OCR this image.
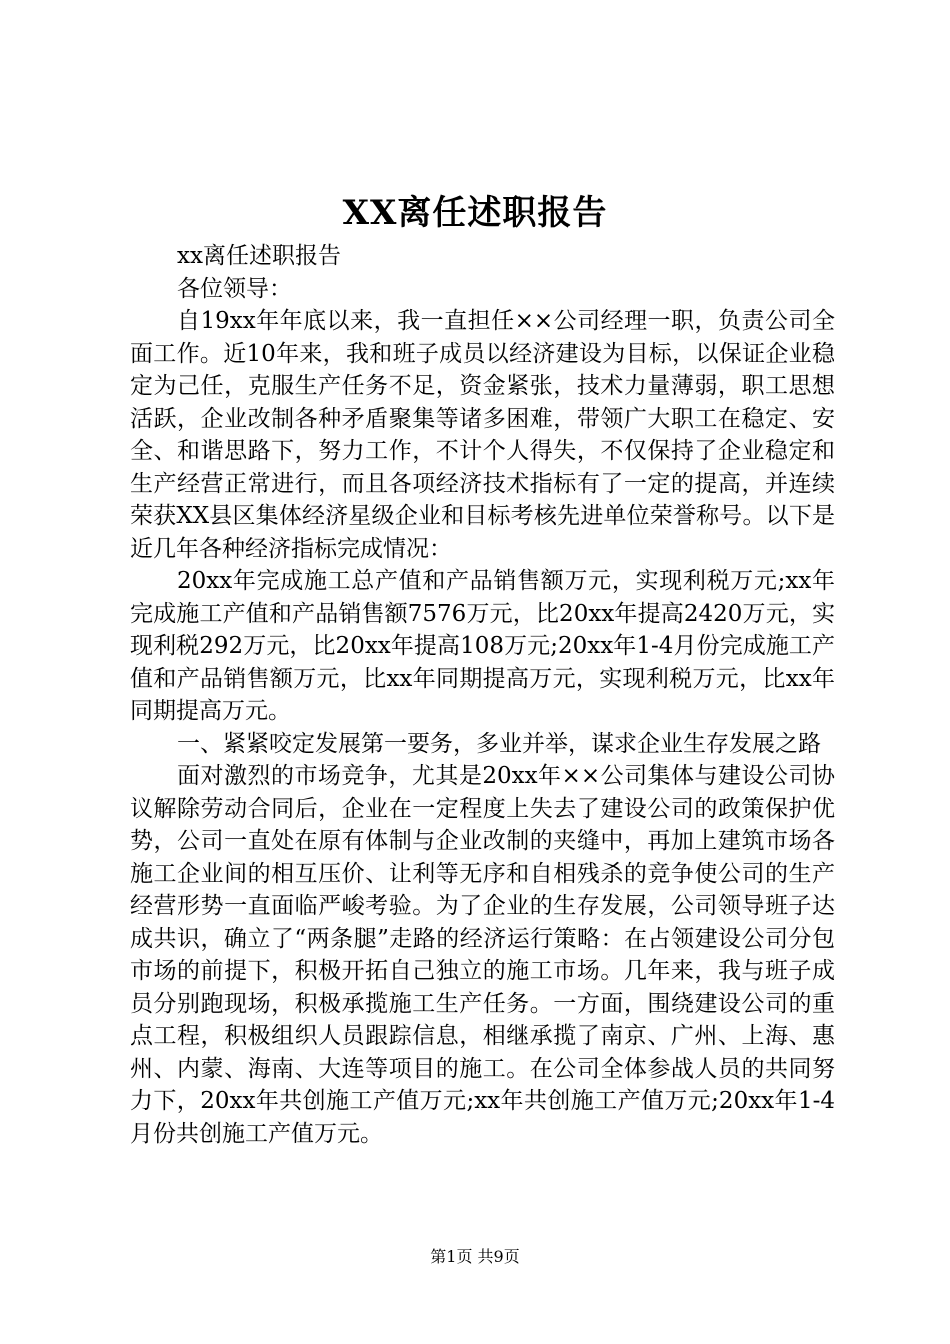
XX离任述职报告

xx离任述职报告

各位领导：

自19xx年年底以来，我一直担任××公司经理一职，负责公司全面工作。近10年来，我和班子成员以经济建设为目标，以保证企业稳定为己任，克服生产任务不足，资金紧张，技术力量薄弱，职工思想活跃，企业改制各种矛盾聚集等诸多困难，带领广大职工在稳定、安全、和谐思路下，努力工作，不计个人得失，不仅保持了企业稳定和生产经营正常进行，而且各项经济技术指标有了一定的提高，并连续荣获XX县区集体经济星级企业和目标考核先进单位荣誉称号。以下是近几年各种经济指标完成情况：

20xx年完成施工总产值和产品销售额万元，实现利税万元;xx年完成施工产值和产品销售额7576万元，比20xx年提高2420万元，实现利税292万元，比20xx年提高108万元;20xx年1-4月份完成施工产值和产品销售额万元，比xx年同期提高万元，实现利税万元，比xx年同期提高万元。

一、紧紧咬定发展第一要务，多业并举，谋求企业生存发展之路

面对激烈的市场竞争，尤其是20xx年××公司集体与建设公司协议解除劳动合同后，企业在一定程度上失去了建设公司的政策保护优势，公司一直处在原有体制与企业改制的夹缝中，再加上建筑市场各施工企业间的相互压价、让利等无序和自相残杀的竞争使公司的生产经营形势一直面临严峻考验。为了企业的生存发展，公司领导班子达成共识，确立了“两条腿”走路的经济运行策略：在占领建设公司分包市场的前提下，积极开拓自己独立的施工市场。几年来，我与班子成员分别跑现场，积极承揽施工生产任务。一方面，围绕建设公司的重点工程，积极组织人员跟踪信息，相继承揽了南京、广州、上海、惠州、内蒙、海南、大连等项目的施工。在公司全体参战人员的共同努力下，20xx年共创施工产值万元;xx年共创施工产值万元;20xx年1-4月份共创施工产值万元。

第1页 共9页
